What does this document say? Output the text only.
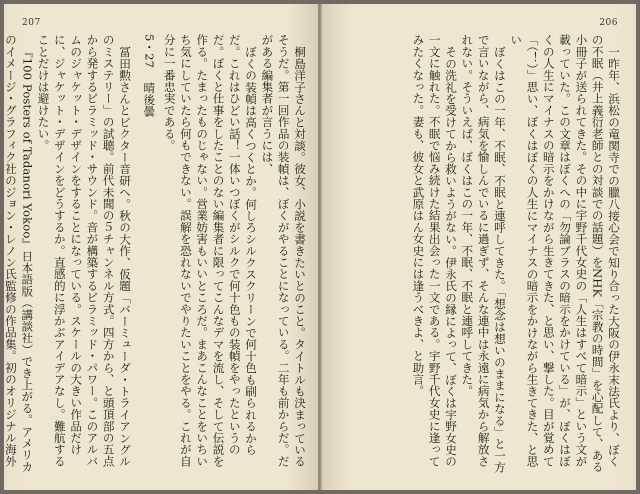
206

一昨年、浜松の竜関寺での臘八接心会で知り合った大阪の伊永末法氏より、ぼくの不眠（井上義衍老師との対談での話題）をNHK「宗教の時間」を心配して、ある小冊子が送られてきた。その中に宇野千代女史の「人生はすべて暗示」という文が載っていた。この文章はぼくへの「勿論ブラスの暗示をかけている」が、ぼくはぼくの人生にマイナスの暗示をかけながら生きてきた、と思い、撃した。目が覚めて「（！）」思い、ぼくはぼくの人生にマイナスの暗示をかけながら生きてきた、と思い

ぼくはこの一年、不眠、不眠と連呼してきた。「想念は想いのままになる」と一方で言いながら、病気を愉しんでいるに過ぎず、そんな連中は永遠に病気から解放されない。そういえば、ぼくはこの一年、不眠、不眠と連呼してきた。

その洗礼を受けてから救いようがない。伊永氏の縁によって、ぼくは宇野女史の一文に触れた。不眠で悩み続けた結果出会った一文である。宇野千代女史に逢ってみたくなった。妻も、彼女と武原はん女史には逢うべきよ、と助言。

207

桐島洋子さんと対談。彼女、小説を書きたいとのこと。タイトルも決まっているそうだ。第一回作品の装幀は、ぼくがやることになっている。二年も前からだ。だがある編集者が言うには、

ぼくの装幀は高くつくとか。何しろシルクスクリーンで何十色も刷られるからだ。これはひどい話！一体いつぼくがシルクで何十色もの装幀をやったというのだ。ぼくと仕事をしたことのない編集者に限ってこんなデマを流し、そして伝説を作る。たまったものじゃない。営業妨害もいいところだ。まあこんなことをいちいち気にしていたら何もできない。誤解を恐れないでやりたいことをやる。これが自分に一番忠実である。

5・27 晴後曇

冨田勲さんとビクター音研へ。秋の大作、仮題「バーミューダ・トライアングルのミステリー」の試聴。前代未聞の５チャンネル方式。四方から、と頭頂部の五点から発するピラミッド・サウンド。音が構築するピラミッド・パワー。このアルバムのジャケット・デザインをすることになっている。スケールの大きい作品だけに、ジャケット・デザインをどうするか。直感的に浮かぶアイデアなし。難航することだけは避けたい。

『100 Posters of Tadanori Yokoo』日本語版（講談社）でき上がる。アメリカのイメージ・グラフィク社のジョン・レノン氏監修の作品集。初のオリジナル海外
